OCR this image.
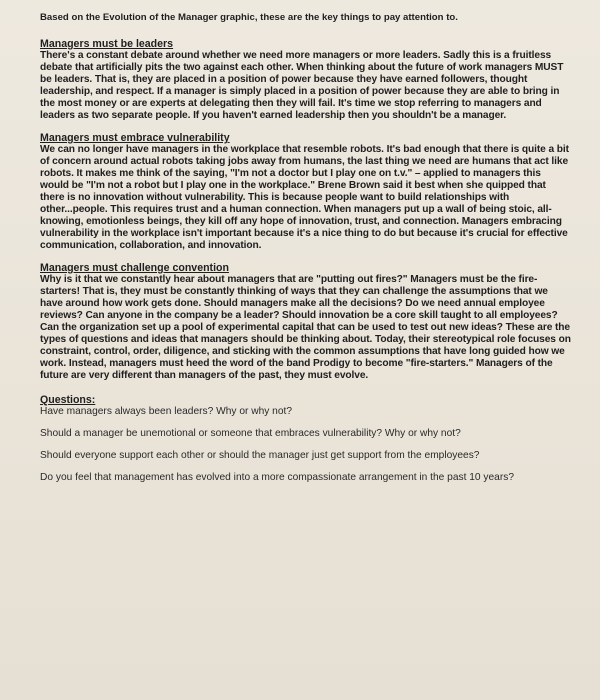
Based on the Evolution of the Manager graphic, these are the key things to pay attention to.

Managers must be leaders

There's a constant debate around whether we need more managers or more leaders. Sadly this is a fruitless debate that artificially pits the two against each other. When thinking about the future of work managers MUST be leaders. That is, they are placed in a position of power because they have earned followers, thought leadership, and respect. If a manager is simply placed in a position of power because they are able to bring in the most money or are experts at delegating then they will fail. It's time we stop referring to managers and leaders as two separate people. If you haven't earned leadership then you shouldn't be a manager.

Managers must embrace vulnerability

We can no longer have managers in the workplace that resemble robots. It's bad enough that there is quite a bit of concern around actual robots taking jobs away from humans, the last thing we need are humans that act like robots. It makes me think of the saying, "I'm not a doctor but I play one on t.v." – applied to managers this would be "I'm not a robot but I play one in the workplace." Brene Brown said it best when she quipped that there is no innovation without vulnerability. This is because people want to build relationships with other...people. This requires trust and a human connection. When managers put up a wall of being stoic, all-knowing, emotionless beings, they kill off any hope of innovation, trust, and connection. Managers embracing vulnerability in the workplace isn't important because it's a nice thing to do but because it's crucial for effective communication, collaboration, and innovation.

Managers must challenge convention

Why is it that we constantly hear about managers that are "putting out fires?" Managers must be the fire-starters! That is, they must be constantly thinking of ways that they can challenge the assumptions that we have around how work gets done. Should managers make all the decisions? Do we need annual employee reviews? Can anyone in the company be a leader? Should innovation be a core skill taught to all employees? Can the organization set up a pool of experimental capital that can be used to test out new ideas? These are the types of questions and ideas that managers should be thinking about. Today, their stereotypical role focuses on constraint, control, order, diligence, and sticking with the common assumptions that have long guided how we work. Instead, managers must heed the word of the band Prodigy to become "fire-starters." Managers of the future are very different than managers of the past, they must evolve.

Questions:

Have managers always been leaders? Why or why not?

Should a manager be unemotional or someone that embraces vulnerability? Why or why not?

Should everyone support each other or should the manager just get support from the employees?

Do you feel that management has evolved into a more compassionate arrangement in the past 10 years?
